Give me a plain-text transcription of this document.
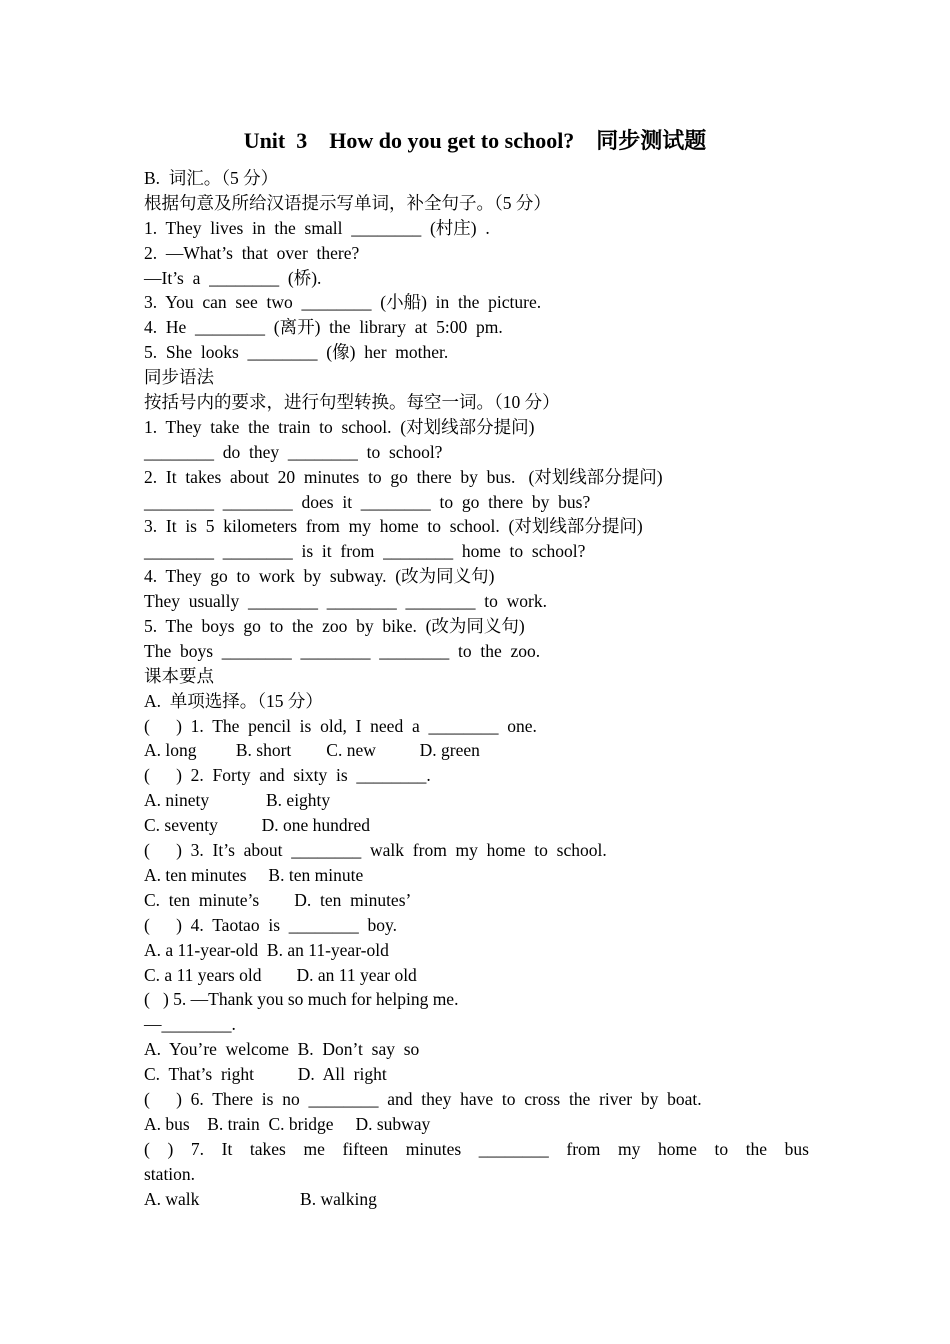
Unit  3    How do you get to school?    同步测试题
B.  词汇。（5 分）
根据句意及所给汉语提示写单词，补全句子。（5 分）
1.  They  lives  in  the  small  ________  (村庄)  .
2.  —What’s  that  over  there?
—It’s  a  ________  (桥).
3.  You  can  see  two  ________  (小船)  in  the  picture.
4.  He  ________  (离开)  the  library  at  5:00  pm.
5.  She  looks  ________  (像)  her  mother.
同步语法
按括号内的要求，进行句型转换。每空一词。（10 分）
1.  They  take  the  train  to  school.  (对划线部分提问)
________  do  they  ________  to  school?
2.  It  takes  about  20  minutes  to  go  there  by  bus.   (对划线部分提问)
________  ________  does  it  ________  to  go  there  by  bus?
3.  It  is  5  kilometers  from  my  home  to  school.  (对划线部分提问)
________  ________  is  it  from  ________  home  to  school?
4.  They  go  to  work  by  subway.  (改为同义句)
They  usually  ________  ________  ________  to  work.
5.  The  boys  go  to  the  zoo  by  bike.  (改为同义句)
The  boys  ________  ________  ________  to  the  zoo.
课本要点
A.  单项选择。（15 分）
(      )  1.  The  pencil  is  old,  I  need  a  ________  one.
A. long         B. short        C. new          D. green
(      )  2.  Forty  and  sixty  is  ________.
A. ninety             B. eighty
C. seventy          D. one hundred
(      )  3.  It’s  about  ________  walk  from  my  home  to  school.
A. ten minutes     B. ten minute
C.  ten  minute’s        D.  ten  minutes’
(      )  4.  Taotao  is  ________  boy.
A. a 11-year-old  B. an 11-year-old
C. a 11 years old        D. an 11 year old
(   ) 5. —Thank you so much for helping me.
—________.
A.  You’re  welcome  B.  Don’t  say  so
C.  That’s  right          D.  All  right
(      )  6.  There  is  no  ________  and  they  have  to  cross  the  river  by  boat.
A. bus    B. train  C. bridge     D. subway
( ) 7. It takes me fifteen minutes ________ from my home to the bus
station.
A. walk                       B. walking
